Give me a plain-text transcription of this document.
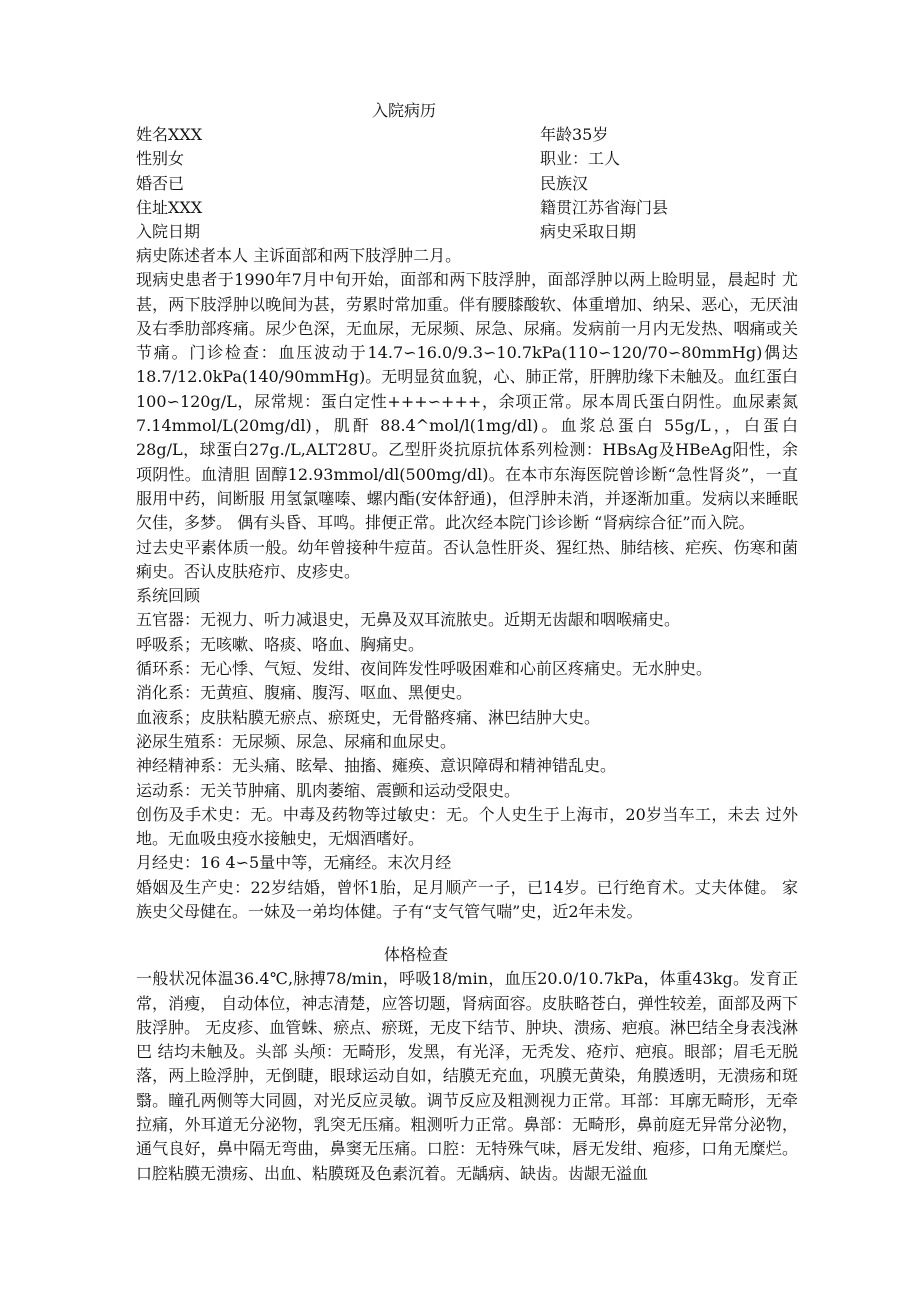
入院病历
姓名XXX	年龄35岁
性别女	职业：工人
婚否已	民族汉
住址XXX	籍贯江苏省海门县
入院日期	病史采取日期

病史陈述者本人 主诉面部和两下肢浮肿二月。

现病史患者于1990年7月中旬开始，面部和两下肢浮肿，面部浮肿以两上睑明显，晨起时 尤甚，两下肢浮肿以晚间为甚，劳累时常加重。伴有腰膝酸软、体重增加、纳呆、恶心，无厌油及右季肋部疼痛。尿少色深，无血尿，无尿频、尿急、尿痛。发病前一月内无发热、咽痛或关节痛。门诊检查：血压波动于14.7∽16.0/9.3∽10.7kPa(110∽120/70∽80mmHg)偶达18.7/12.0kPa(140/90mmHg)。无明显贫血貌，心、肺正常，肝脾肋缘下未触及。血红蛋白100∽120g/L，尿常规：蛋白定性+++∽+++，余项正常。尿本周氏蛋白阴性。血尿素氮7.14mmol/L(20mg/dl)，肌酐 88.4^mol/l(1mg/dl)。血浆总蛋白 55g/L，，白蛋白 28g/L，球蛋白27g./L,ALT28U。乙型肝炎抗原抗体系列检测：HBsAg及HBeAg阳性，余项阴性。血清胆 固醇12.93mmol/dl(500mg/dl)。在本市东海医院曾诊断“急性肾炎”，一直服用中药，间断服 用氢氯噻嗪、螺内酯(安体舒通)，但浮肿未消，并逐渐加重。发病以来睡眠欠佳，多梦。 偶有头昏、耳鸣。排便正常。此次经本院门诊诊断 “肾病综合征”而入院。

过去史平素体质一般。幼年曾接种牛痘苗。否认急性肝炎、猩红热、肺结核、疟疾、伤寒和菌痢史。否认皮肤疮疖、皮疹史。

系统回顾

五官器：无视力、听力减退史，无鼻及双耳流脓史。近期无齿龈和咽喉痛史。

呼吸系；无咳嗽、咯痰、咯血、胸痛史。

循环系：无心悸、气短、发绀、夜间阵发性呼吸困难和心前区疼痛史。无水肿史。

消化系：无黄疸、腹痛、腹泻、呕血、黑便史。

血液系；皮肤粘膜无瘀点、瘀斑史，无骨骼疼痛、淋巴结肿大史。

泌尿生殖系：无尿频、尿急、尿痛和血尿史。

神经精神系：无头痛、眩晕、抽搐、瘫痪、意识障碍和精神错乱史。

运动系：无关节肿痛、肌肉萎缩、震颤和运动受限史。

创伤及手术史：无。中毒及药物等过敏史：无。个人史生于上海市，20岁当车工，未去 过外地。无血吸虫疫水接触史，无烟酒嗜好。

月经史：16 4∽5量中等，无痛经。末次月经

婚姻及生产史：22岁结婚，曾怀1胎，足月顺产一子，已14岁。已行绝育术。丈夫体健。 家族史父母健在。一妹及一弟均体健。子有“支气管气喘”史，近2年未发。

体格检查

一般状况体温36.4℃,脉搏78/min，呼吸18/min，血压20.0/10.7kPa，体重43kg。发育正常，消瘦， 自动体位，神志清楚，应答切题，肾病面容。皮肤略苍白，弹性较差，面部及两下肢浮肿。 无皮疹、血管蛛、瘀点、瘀斑，无皮下结节、肿块、溃疡、疤痕。淋巴结全身表浅淋巴 结均未触及。头部 头颅：无畸形，发黑，有光泽，无秃发、疮疖、疤痕。眼部；眉毛无脱落，两上睑浮肿，无倒睫，眼球运动自如，结膜无充血，巩膜无黄染，角膜透明，无溃疡和斑翳。瞳孔两侧等大同圆，对光反应灵敏。调节反应及粗测视力正常。耳部：耳廓无畸形，无牵拉痛，外耳道无分泌物，乳突无压痛。粗测听力正常。鼻部：无畸形，鼻前庭无异常分泌物，通气良好，鼻中隔无弯曲，鼻窦无压痛。口腔：无特殊气味，唇无发绀、疱疹，口角无糜烂。口腔粘膜无溃疡、出血、粘膜斑及色素沉着。无龋病、缺齿。齿龈无溢血
